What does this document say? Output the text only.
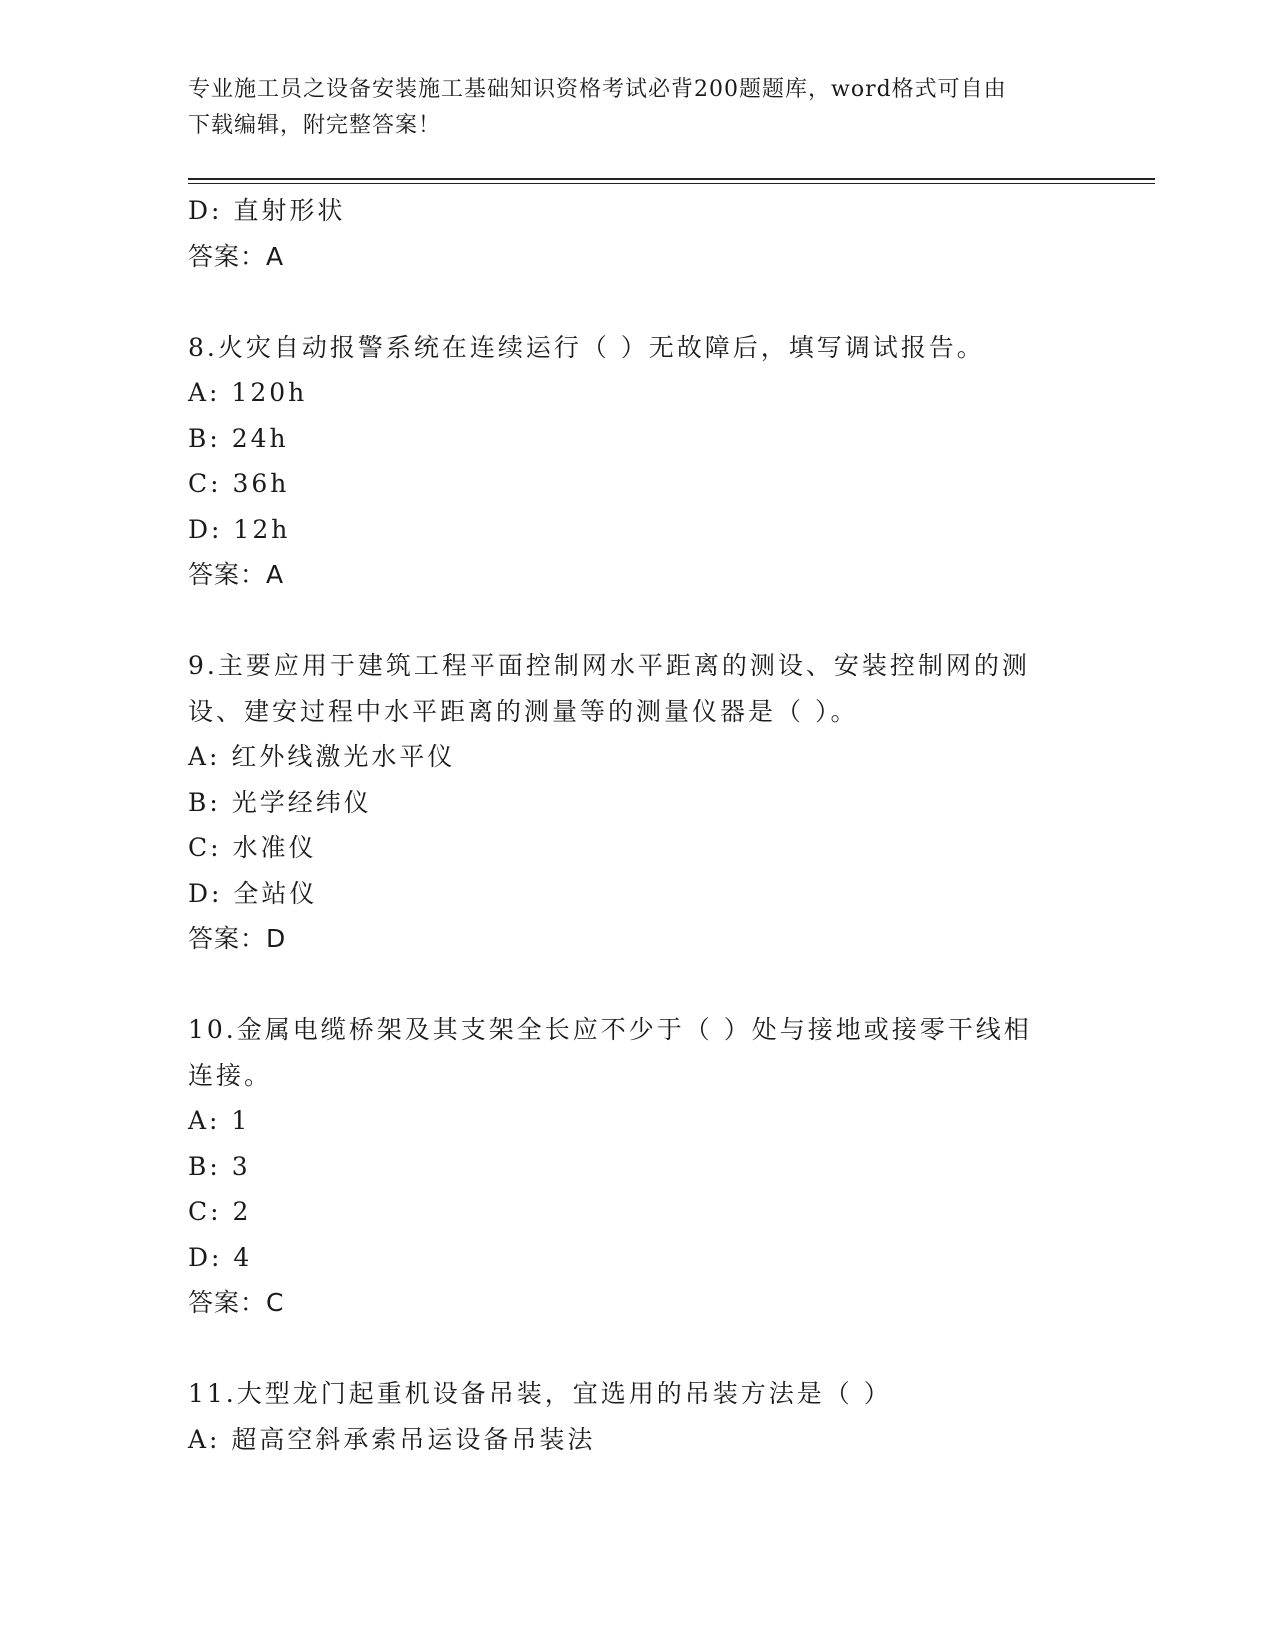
专业施工员之设备安装施工基础知识资格考试必背200题题库，word格式可自由
下载编辑，附完整答案！
D: 直射形状
答案：A
8.火灾自动报警系统在连续运行（ ）无故障后，填写调试报告。
A: 120h
B: 24h
C: 36h
D: 12h
答案：A
9.主要应用于建筑工程平面控制网水平距离的测设、安装控制网的测
设、建安过程中水平距离的测量等的测量仪器是（ ）。
A: 红外线激光水平仪
B: 光学经纬仪
C: 水准仪
D: 全站仪
答案：D
10.金属电缆桥架及其支架全长应不少于（ ）处与接地或接零干线相
连接。
A: 1
B: 3
C: 2
D: 4
答案：C
11.大型龙门起重机设备吊装，宜选用的吊装方法是（ ）
A: 超高空斜承索吊运设备吊装法
